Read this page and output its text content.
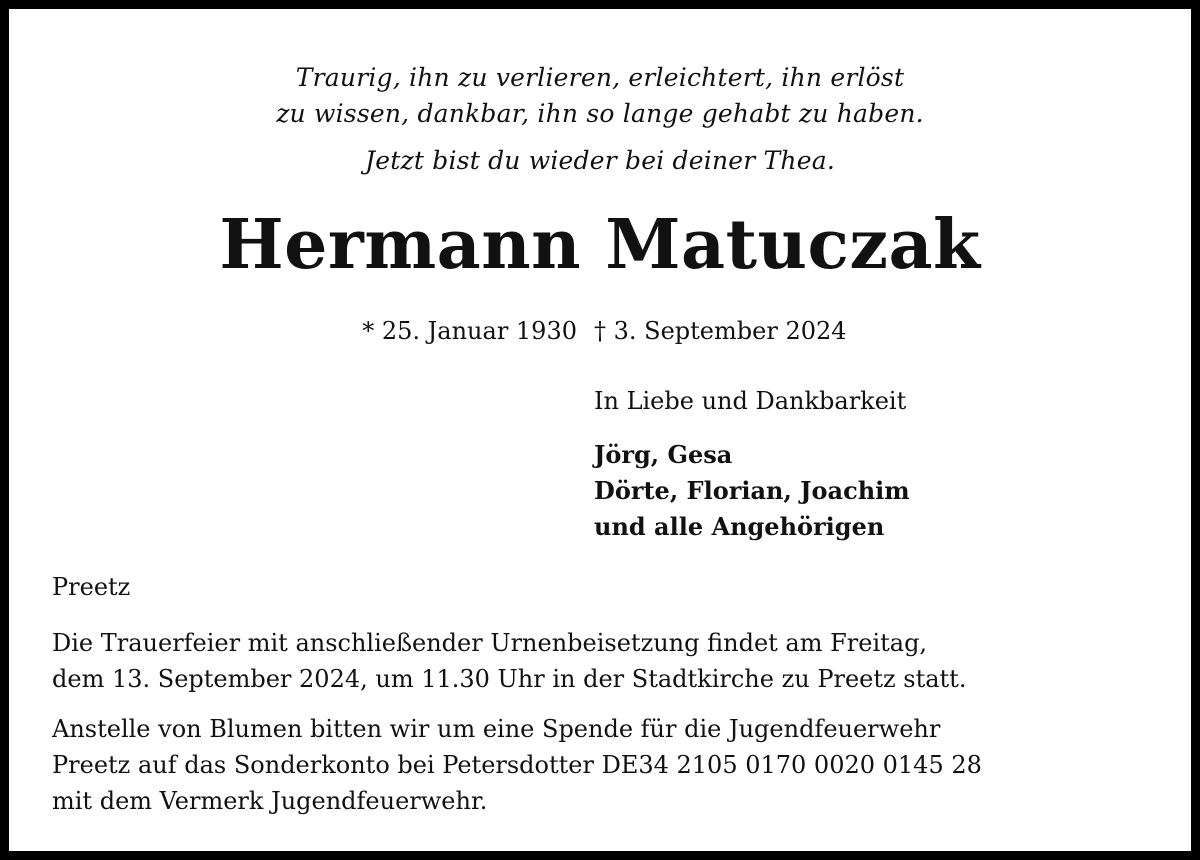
Traurig, ihn zu verlieren, erleichtert, ihn erlöst
zu wissen, dankbar, ihn so lange gehabt zu haben.
Jetzt bist du wieder bei deiner Thea.
Hermann Matuczak
* 25. Januar 1930 † 3. September 2024
In Liebe und Dankbarkeit
Jörg, Gesa
Dörte, Florian, Joachim
und alle Angehörigen
Preetz
Die Trauerfeier mit anschließender Urnenbeisetzung findet am Freitag,
dem 13. September 2024, um 11.30 Uhr in der Stadtkirche zu Preetz statt.
Anstelle von Blumen bitten wir um eine Spende für die Jugendfeuerwehr
Preetz auf das Sonderkonto bei Petersdotter DE34 2105 0170 0020 0145 28
mit dem Vermerk Jugendfeuerwehr.
